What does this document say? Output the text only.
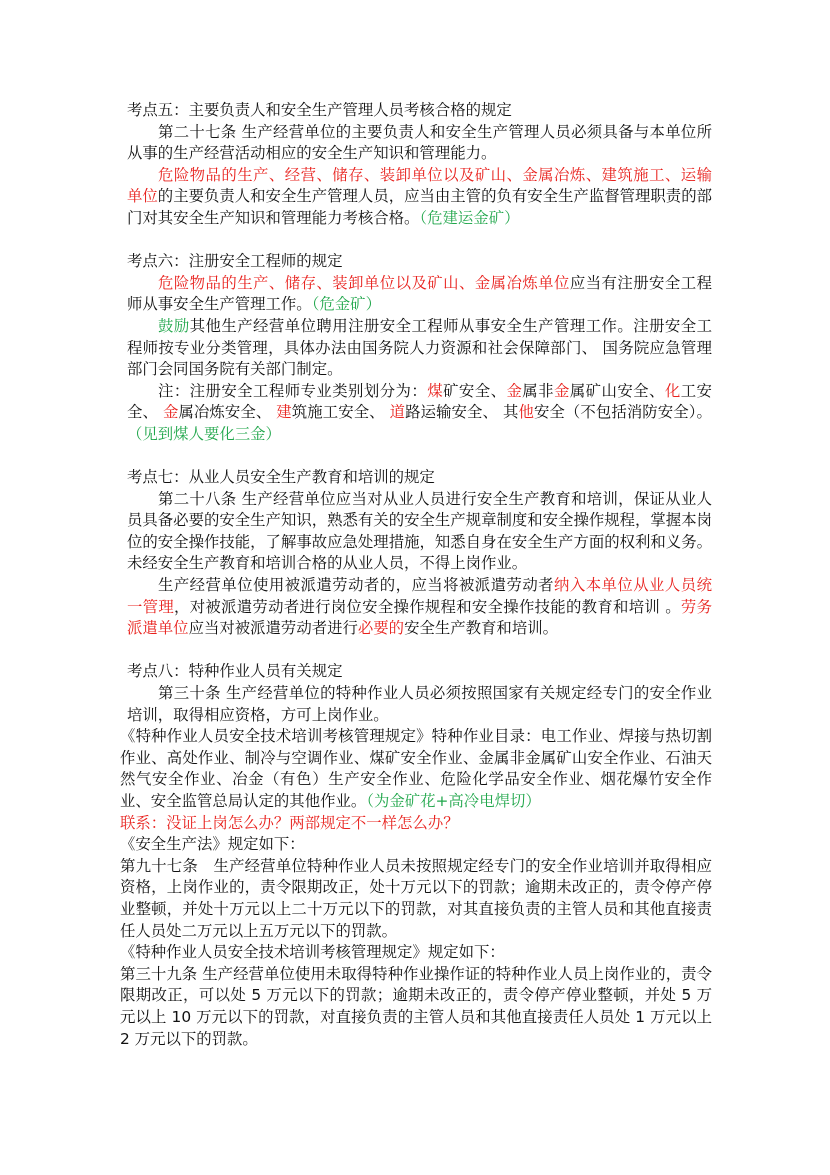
考点五：主要负责人和安全生产管理人员考核合格的规定

第二十七条 生产经营单位的主要负责人和安全生产管理人员必须具备与本单位所从事的生产经营活动相应的安全生产知识和管理能力。

危险物品的生产、经营、储存、装卸单位以及矿山、金属冶炼、建筑施工、运输单位的主要负责人和安全生产管理人员，应当由主管的负有安全生产监督管理职责的部门对其安全生产知识和管理能力考核合格。（危建运金矿）

考点六：注册安全工程师的规定

危险物品的生产、储存、装卸单位以及矿山、金属冶炼单位应当有注册安全工程师从事安全生产管理工作。（危金矿）

鼓励其他生产经营单位聘用注册安全工程师从事安全生产管理工作。注册安全工程师按专业分类管理，具体办法由国务院人力资源和社会保障部门、 国务院应急管理部门会同国务院有关部门制定。

注：注册安全工程师专业类别划分为：煤矿安全、金属非金属矿山安全、化工安全、 金属冶炼安全、 建筑施工安全、 道路运输安全、 其他安全（不包括消防安全）。（见到煤人要化三金）

考点七：从业人员安全生产教育和培训的规定

第二十八条 生产经营单位应当对从业人员进行安全生产教育和培训，保证从业人员具备必要的安全生产知识，熟悉有关的安全生产规章制度和安全操作规程，掌握本岗位的安全操作技能，了解事故应急处理措施，知悉自身在安全生产方面的权利和义务。未经安全生产教育和培训合格的从业人员，不得上岗作业。

生产经营单位使用被派遣劳动者的，应当将被派遣劳动者纳入本单位从业人员统一管理，对被派遣劳动者进行岗位安全操作规程和安全操作技能的教育和培训 。劳务派遣单位应当对被派遣劳动者进行必要的安全生产教育和培训。

考点八：特种作业人员有关规定

第三十条 生产经营单位的特种作业人员必须按照国家有关规定经专门的安全作业培训，取得相应资格，方可上岗作业。

《特种作业人员安全技术培训考核管理规定》特种作业目录：电工作业、焊接与热切割作业、高处作业、制冷与空调作业、煤矿安全作业、金属非金属矿山安全作业、石油天然气安全作业、冶金（有色）生产安全作业、危险化学品安全作业、烟花爆竹安全作业、安全监管总局认定的其他作业。（为金矿花+高冷电焊切）

联系：没证上岗怎么办？两部规定不一样怎么办？

《安全生产法》规定如下：

第九十七条　生产经营单位特种作业人员未按照规定经专门的安全作业培训并取得相应资格，上岗作业的，责令限期改正，处十万元以下的罚款；逾期未改正的，责令停产停业整顿，并处十万元以上二十万元以下的罚款，对其直接负责的主管人员和其他直接责任人员处二万元以上五万元以下的罚款。

《特种作业人员安全技术培训考核管理规定》规定如下：

第三十九条 生产经营单位使用未取得特种作业操作证的特种作业人员上岗作业的，责令限期改正，可以处 5 万元以下的罚款；逾期未改正的，责令停产停业整顿，并处 5 万元以上 10 万元以下的罚款，对直接负责的主管人员和其他直接责任人员处 1 万元以上 2 万元以下的罚款。
